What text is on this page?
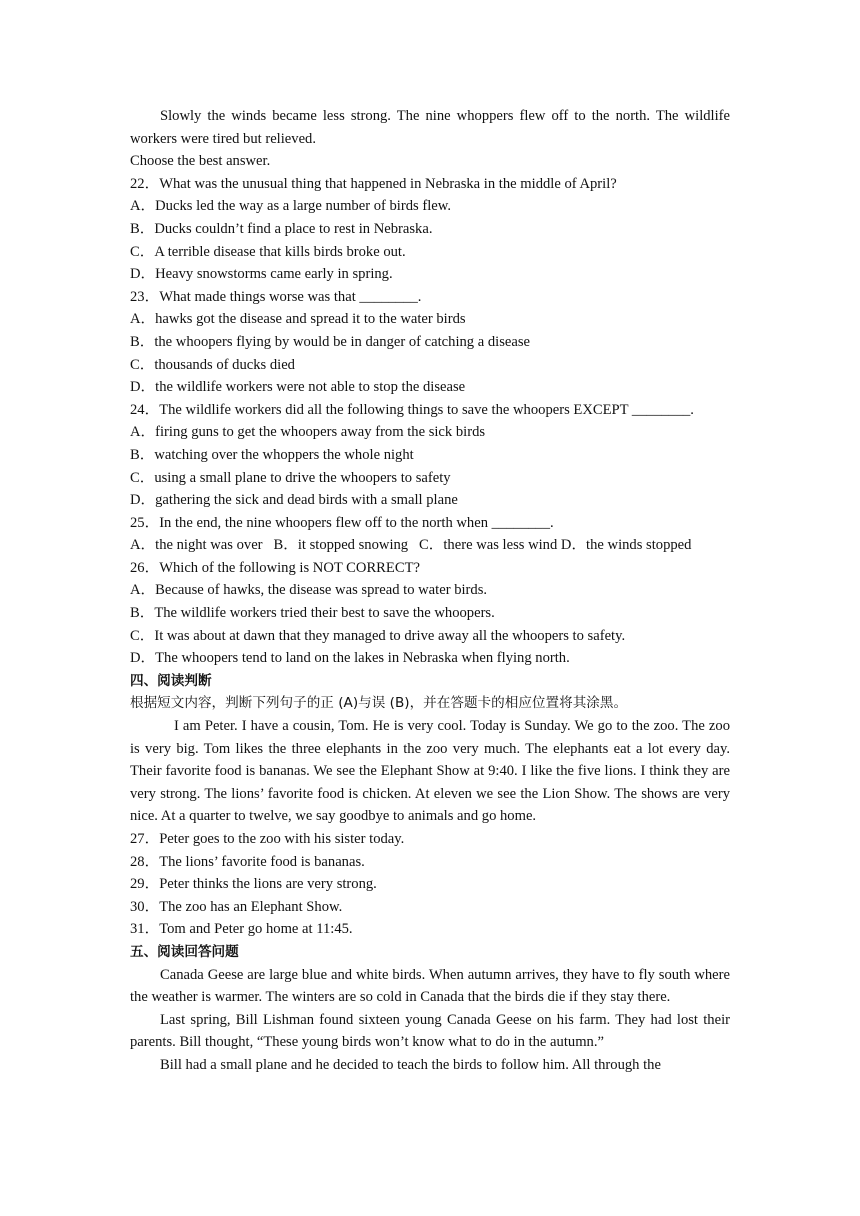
Slowly the winds became less strong. The nine whoppers flew off to the north. The wildlife workers were tired but relieved.

Choose the best answer.
22．What was the unusual thing that happened in Nebraska in the middle of April?
A．Ducks led the way as a large number of birds flew.
B．Ducks couldn’t find a place to rest in Nebraska.
C．A terrible disease that kills birds broke out.
D．Heavy snowstorms came early in spring.
23．What made things worse was that ________.
A．hawks got the disease and spread it to the water birds
B．the whoopers flying by would be in danger of catching a disease
C．thousands of ducks died
D．the wildlife workers were not able to stop the disease
24．The wildlife workers did all the following things to save the whoopers EXCEPT ________.
A．firing guns to get the whoopers away from the sick birds
B．watching over the whoppers the whole night
C．using a small plane to drive the whoopers to safety
D．gathering the sick and dead birds with a small plane
25．In the end, the nine whoopers flew off to the north when ________.
A．the night was over B．it stopped snowing C．there was less wind D．the winds stopped
26．Which of the following is NOT CORRECT?
A．Because of hawks, the disease was spread to water birds.
B．The wildlife workers tried their best to save the whoopers.
C．It was about at dawn that they managed to drive away all the whoopers to safety.
D．The whoopers tend to land on the lakes in Nebraska when flying north.
四、阅读判断
根据短文内容，判断下列句子的正 (A)与误 (B)，并在答题卡的相应位置将其涂黑。

I am Peter. I have a cousin, Tom. He is very cool. Today is Sunday. We go to the zoo. The zoo is very big. Tom likes the three elephants in the zoo very much. The elephants eat a lot every day. Their favorite food is bananas. We see the Elephant Show at 9:40. I like the five lions. I think they are very strong. The lions’ favorite food is chicken. At eleven we see the Lion Show. The shows are very nice. At a quarter to twelve, we say goodbye to animals and go home.

27．Peter goes to the zoo with his sister today.
28．The lions’ favorite food is bananas.
29．Peter thinks the lions are very strong.
30．The zoo has an Elephant Show.
31．Tom and Peter go home at 11:45.
五、阅读回答问题

Canada Geese are large blue and white birds. When autumn arrives, they have to fly south where the weather is warmer. The winters are so cold in Canada that the birds die if they stay there.

Last spring, Bill Lishman found sixteen young Canada Geese on his farm. They had lost their parents. Bill thought, “These young birds won’t know what to do in the autumn.”

Bill had a small plane and he decided to teach the birds to follow him. All through the
